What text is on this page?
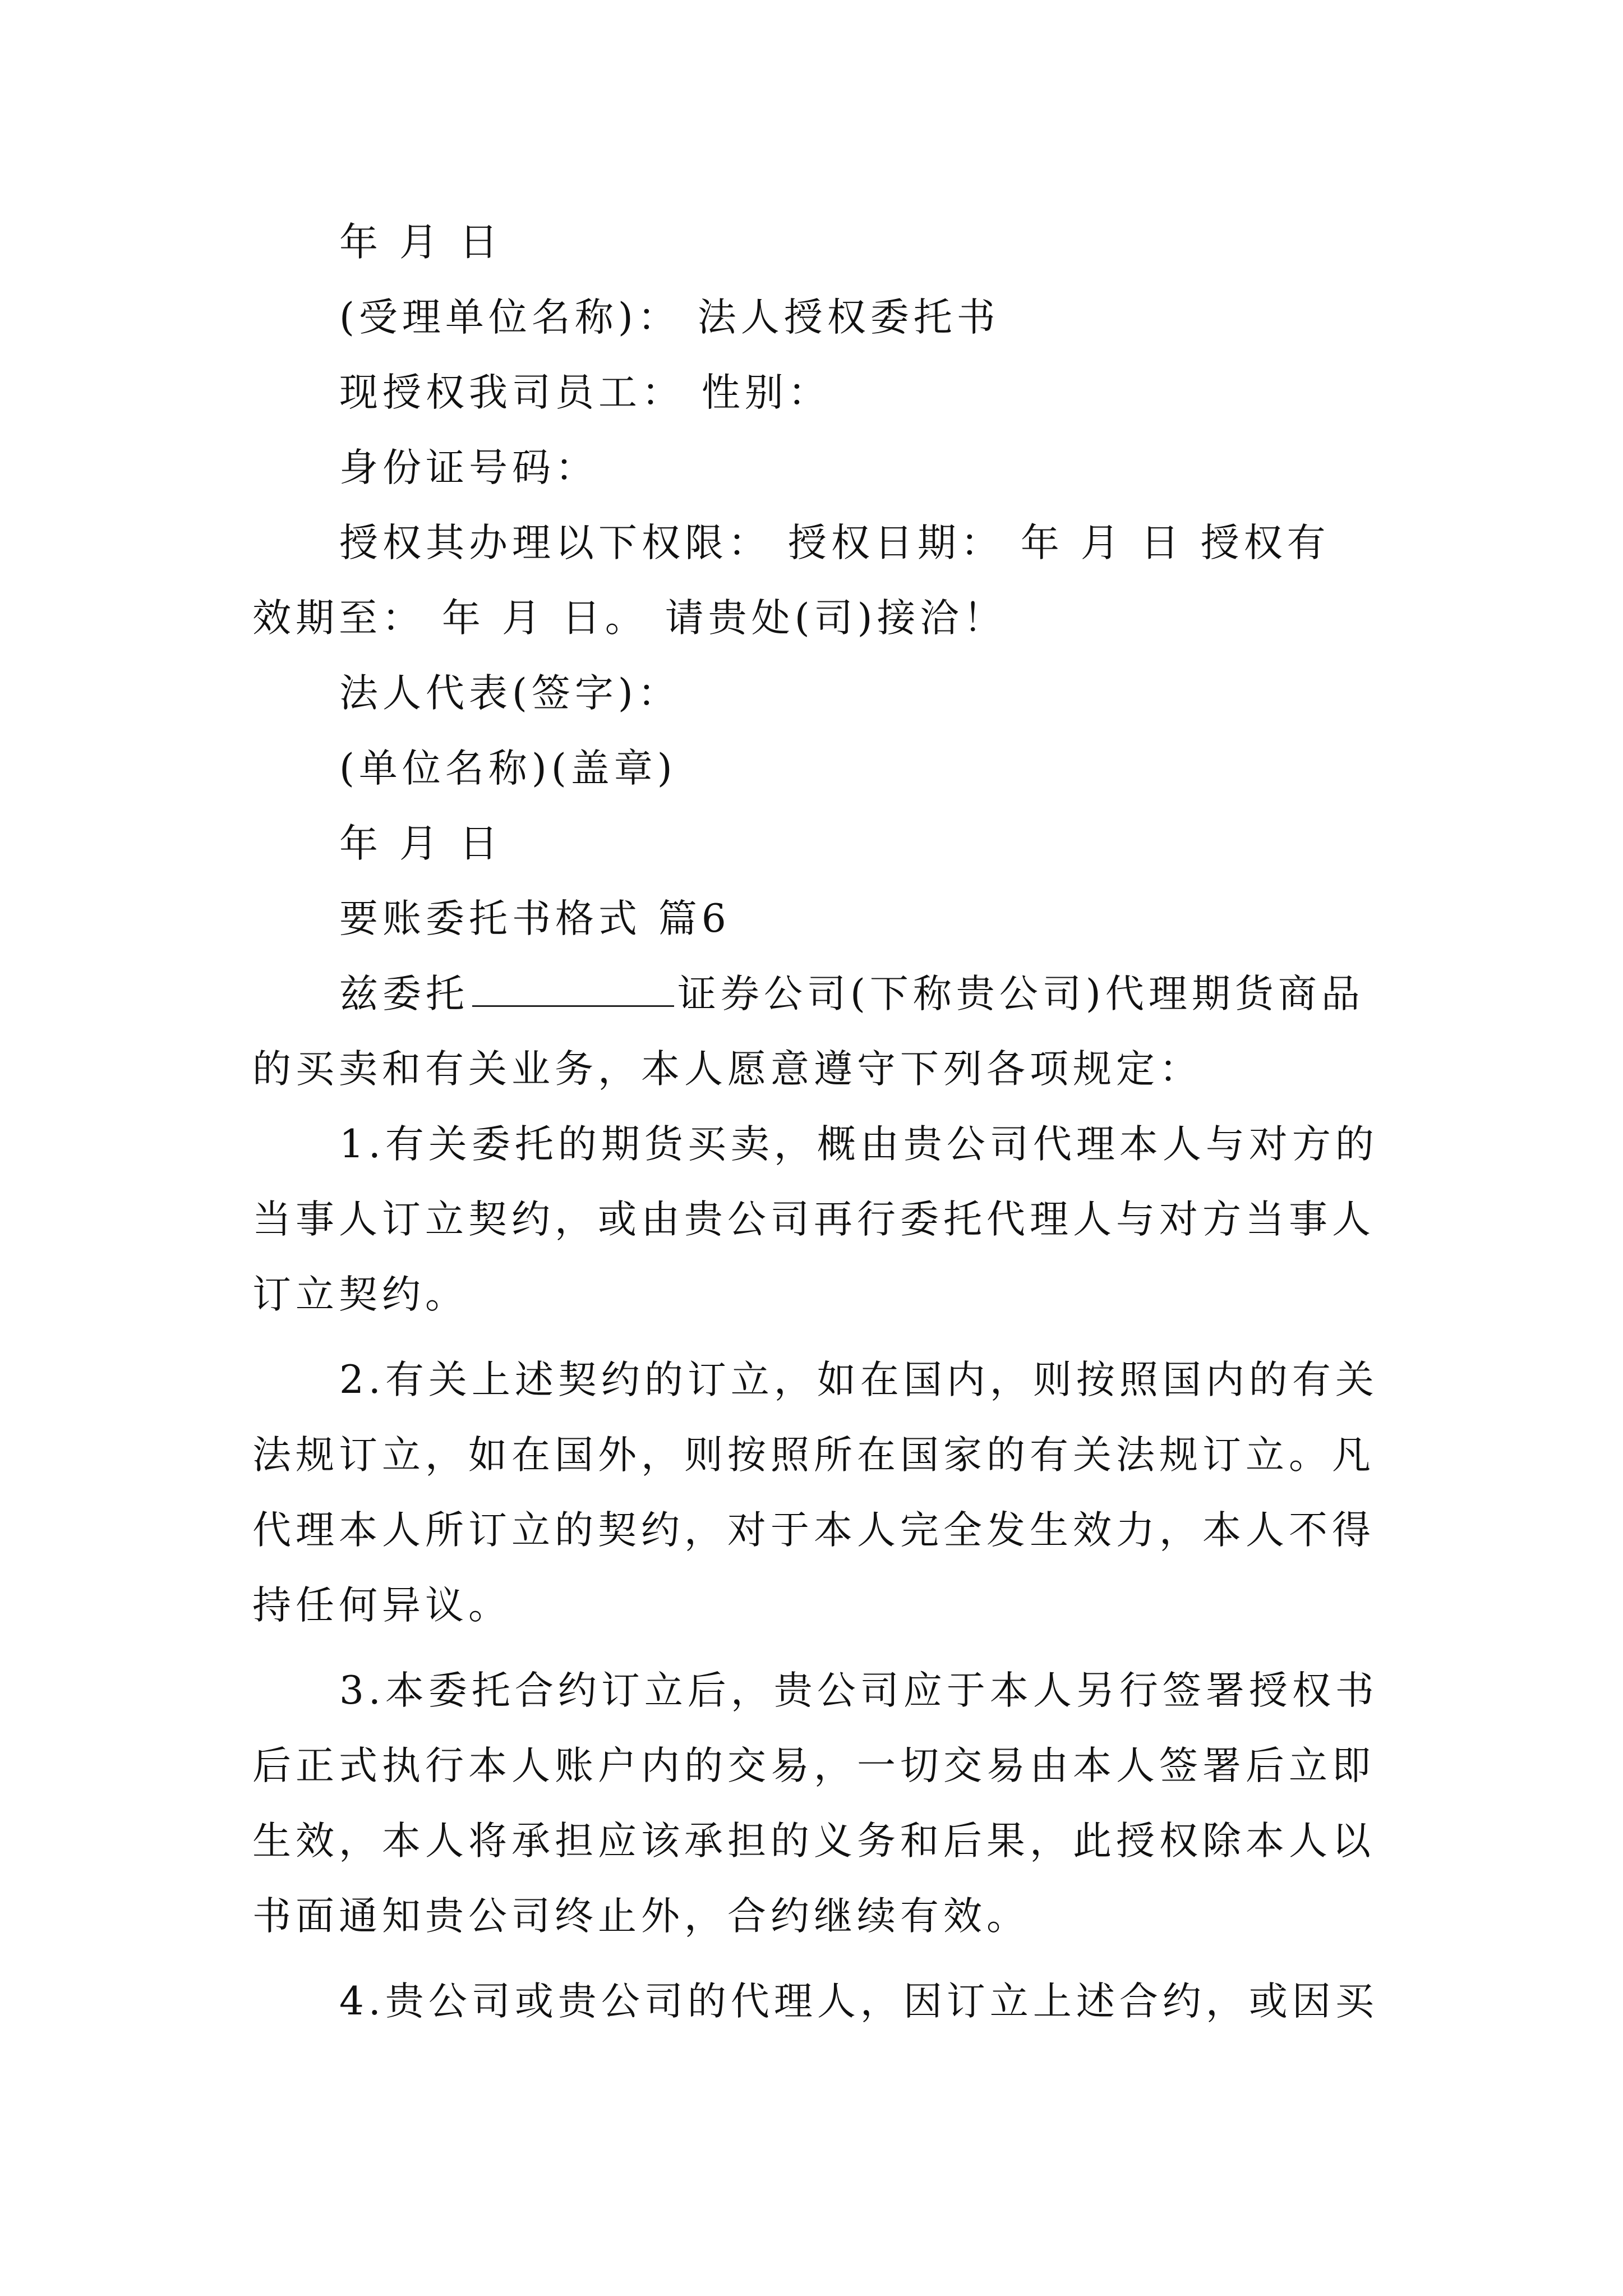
年 月 日

(受理单位名称)： 法人授权委托书

现授权我司员工： 性别：

身份证号码：

授权其办理以下权限： 授权日期： 年 月 日 授权有

效期至： 年 月 日。 请贵处(司)接洽！

法人代表(签字)：

(单位名称)(盖章)

年 月 日

要账委托书格式 篇6

兹委托	证券公司(下称贵公司)代理期货商品

的买卖和有关业务，本人愿意遵守下列各项规定：

1.有关委托的期货买卖，概由贵公司代理本人与对方的

当事人订立契约，或由贵公司再行委托代理人与对方当事人

订立契约。

2.有关上述契约的订立，如在国内，则按照国内的有关

法规订立，如在国外，则按照所在国家的有关法规订立。凡

代理本人所订立的契约，对于本人完全发生效力，本人不得

持任何异议。

3.本委托合约订立后，贵公司应于本人另行签署授权书

后正式执行本人账户内的交易，一切交易由本人签署后立即

生效，本人将承担应该承担的义务和后果，此授权除本人以

书面通知贵公司终止外，合约继续有效。

4.贵公司或贵公司的代理人，因订立上述合约，或因买
